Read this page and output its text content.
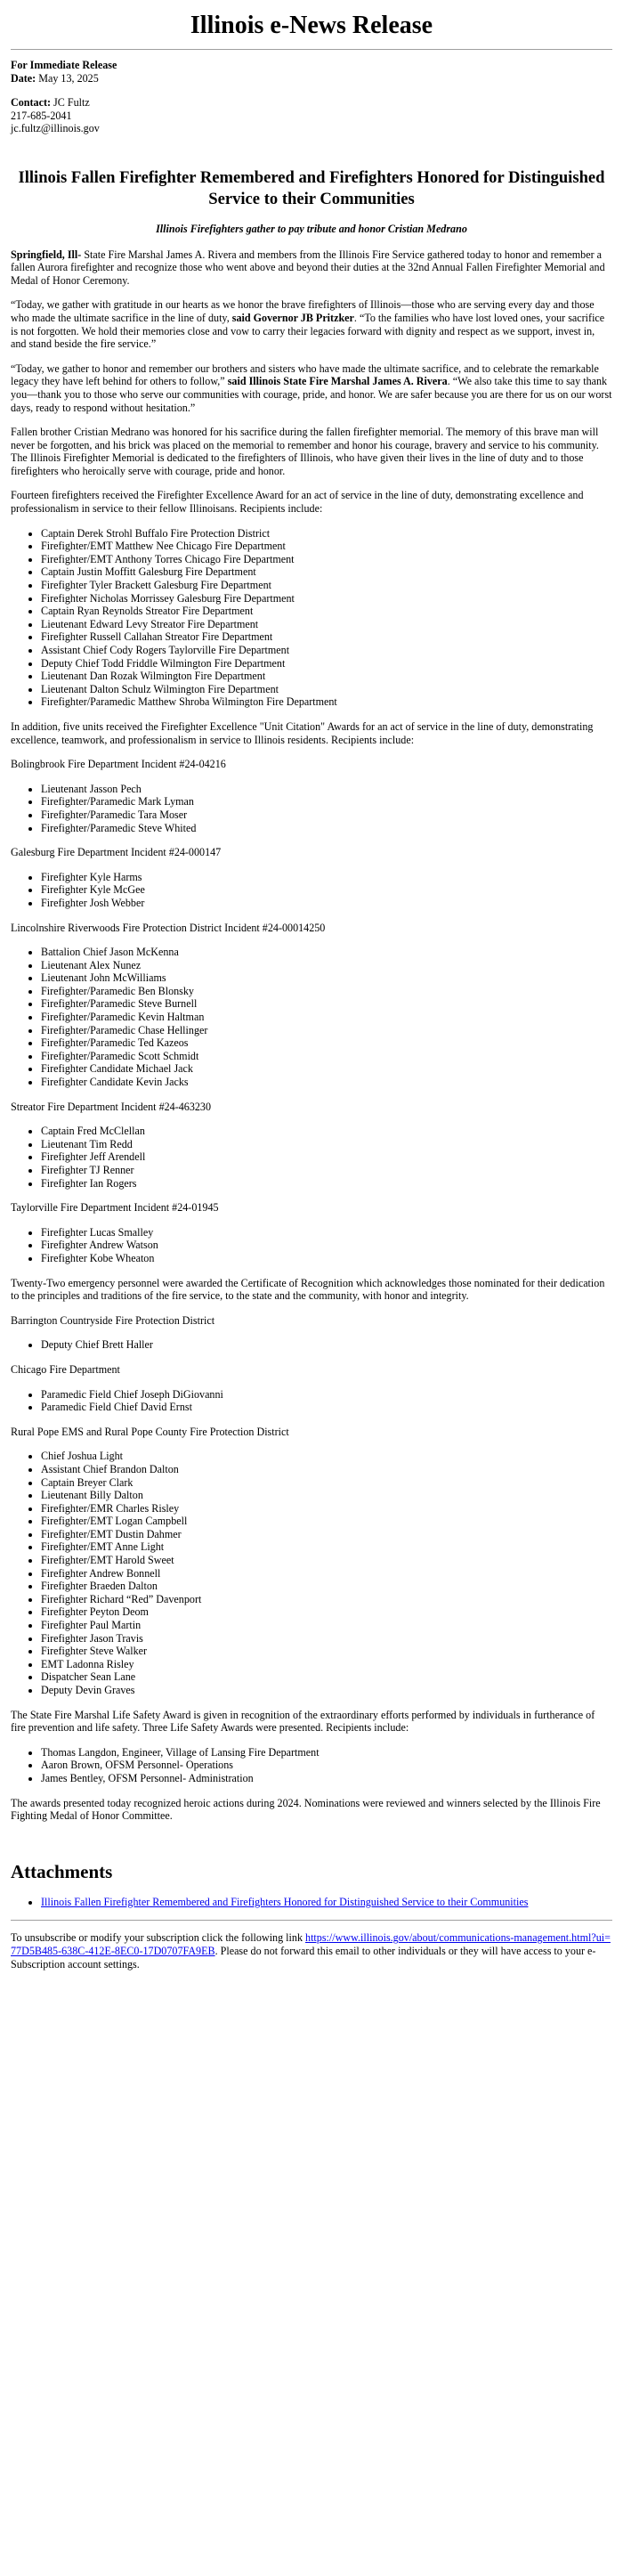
Illinois e-News Release
For Immediate Release
Date: May 13, 2025
Contact: JC Fultz
217-685-2041
jc.fultz@illinois.gov
Illinois Fallen Firefighter Remembered and Firefighters Honored for Distinguished Service to their Communities
Illinois Firefighters gather to pay tribute and honor Cristian Medrano

Springfield, Ill- State Fire Marshal James A. Rivera and members from the Illinois Fire Service gathered today to honor and remember a fallen Aurora firefighter and recognize those who went above and beyond their duties at the 32nd Annual Fallen Firefighter Memorial and Medal of Honor Ceremony.

“Today, we gather with gratitude in our hearts as we honor the brave firefighters of Illinois—those who are serving every day and those who made the ultimate sacrifice in the line of duty, said Governor JB Pritzker. “To the families who have lost loved ones, your sacrifice is not forgotten. We hold their memories close and vow to carry their legacies forward with dignity and respect as we support, invest in, and stand beside the fire service.”

“Today, we gather to honor and remember our brothers and sisters who have made the ultimate sacrifice, and to celebrate the remarkable legacy they have left behind for others to follow,” said Illinois State Fire Marshal James A. Rivera. “We also take this time to say thank you—thank you to those who serve our communities with courage, pride, and honor. We are safer because you are there for us on our worst days, ready to respond without hesitation.”

Fallen brother Cristian Medrano was honored for his sacrifice during the fallen firefighter memorial. The memory of this brave man will never be forgotten, and his brick was placed on the memorial to remember and honor his courage, bravery and service to his community. The Illinois Firefighter Memorial is dedicated to the firefighters of Illinois, who have given their lives in the line of duty and to those firefighters who heroically serve with courage, pride and honor.

Fourteen firefighters received the Firefighter Excellence Award for an act of service in the line of duty, demonstrating excellence and professionalism in service to their fellow Illinoisans. Recipients include:

• Captain Derek Strohl Buffalo Fire Protection District
• Firefighter/EMT Matthew Nee Chicago Fire Department
• Firefighter/EMT Anthony Torres Chicago Fire Department
• Captain Justin Moffitt Galesburg Fire Department
• Firefighter Tyler Brackett Galesburg Fire Department
• Firefighter Nicholas Morrissey Galesburg Fire Department
• Captain Ryan Reynolds Streator Fire Department
• Lieutenant Edward Levy Streator Fire Department
• Firefighter Russell Callahan Streator Fire Department
• Assistant Chief Cody Rogers Taylorville Fire Department
• Deputy Chief Todd Friddle Wilmington Fire Department
• Lieutenant Dan Rozak Wilmington Fire Department
• Lieutenant Dalton Schulz Wilmington Fire Department
• Firefighter/Paramedic Matthew Shroba Wilmington Fire Department

In addition, five units received the Firefighter Excellence "Unit Citation" Awards for an act of service in the line of duty, demonstrating excellence, teamwork, and professionalism in service to Illinois residents. Recipients include:

Bolingbrook Fire Department Incident #24-04216
• Lieutenant Jasson Pech
• Firefighter/Paramedic Mark Lyman
• Firefighter/Paramedic Tara Moser
• Firefighter/Paramedic Steve Whited
Galesburg Fire Department Incident #24-000147
• Firefighter Kyle Harms
• Firefighter Kyle McGee
• Firefighter Josh Webber
Lincolnshire Riverwoods Fire Protection District Incident #24-00014250
• Battalion Chief Jason McKenna
• Lieutenant Alex Nunez
• Lieutenant John McWilliams
• Firefighter/Paramedic Ben Blonsky
• Firefighter/Paramedic Steve Burnell
• Firefighter/Paramedic Kevin Haltman
• Firefighter/Paramedic Chase Hellinger
• Firefighter/Paramedic Ted Kazeos
• Firefighter/Paramedic Scott Schmidt
• Firefighter Candidate Michael Jack
• Firefighter Candidate Kevin Jacks
Streator Fire Department Incident #24-463230
• Captain Fred McClellan
• Lieutenant Tim Redd
• Firefighter Jeff Arendell
• Firefighter TJ Renner
• Firefighter Ian Rogers
Taylorville Fire Department Incident #24-01945
• Firefighter Lucas Smalley
• Firefighter Andrew Watson
• Firefighter Kobe Wheaton

Twenty-Two emergency personnel were awarded the Certificate of Recognition which acknowledges those nominated for their dedication to the principles and traditions of the fire service, to the state and the community, with honor and integrity.

Barrington Countryside Fire Protection District
• Deputy Chief Brett Haller
Chicago Fire Department
• Paramedic Field Chief Joseph DiGiovanni
• Paramedic Field Chief David Ernst
Rural Pope EMS and Rural Pope County Fire Protection District
• Chief Joshua Light
• Assistant Chief Brandon Dalton
• Captain Breyer Clark
• Lieutenant Billy Dalton
• Firefighter/EMR Charles Risley
• Firefighter/EMT Logan Campbell
• Firefighter/EMT Dustin Dahmer
• Firefighter/EMT Anne Light
• Firefighter/EMT Harold Sweet
• Firefighter Andrew Bonnell
• Firefighter Braeden Dalton
• Firefighter Richard “Red” Davenport
• Firefighter Peyton Deom
• Firefighter Paul Martin
• Firefighter Jason Travis
• Firefighter Steve Walker
• EMT Ladonna Risley
• Dispatcher Sean Lane
• Deputy Devin Graves

The State Fire Marshal Life Safety Award is given in recognition of the extraordinary efforts performed by individuals in furtherance of fire prevention and life safety. Three Life Safety Awards were presented. Recipients include:

• Thomas Langdon, Engineer, Village of Lansing Fire Department
• Aaron Brown, OFSM Personnel- Operations
• James Bentley, OFSM Personnel- Administration

The awards presented today recognized heroic actions during 2024. Nominations were reviewed and winners selected by the Illinois Fire Fighting Medal of Honor Committee.

Attachments
• Illinois Fallen Firefighter Remembered and Firefighters Honored for Distinguished Service to their Communities
To unsubscribe or modify your subscription click the following link https://www.illinois.gov/about/communications-management.html?ui=77D5B485-638C-412E-8EC0-17D0707FA9EB. Please do not forward this email to other individuals or they will have access to your e-Subscription account settings.
